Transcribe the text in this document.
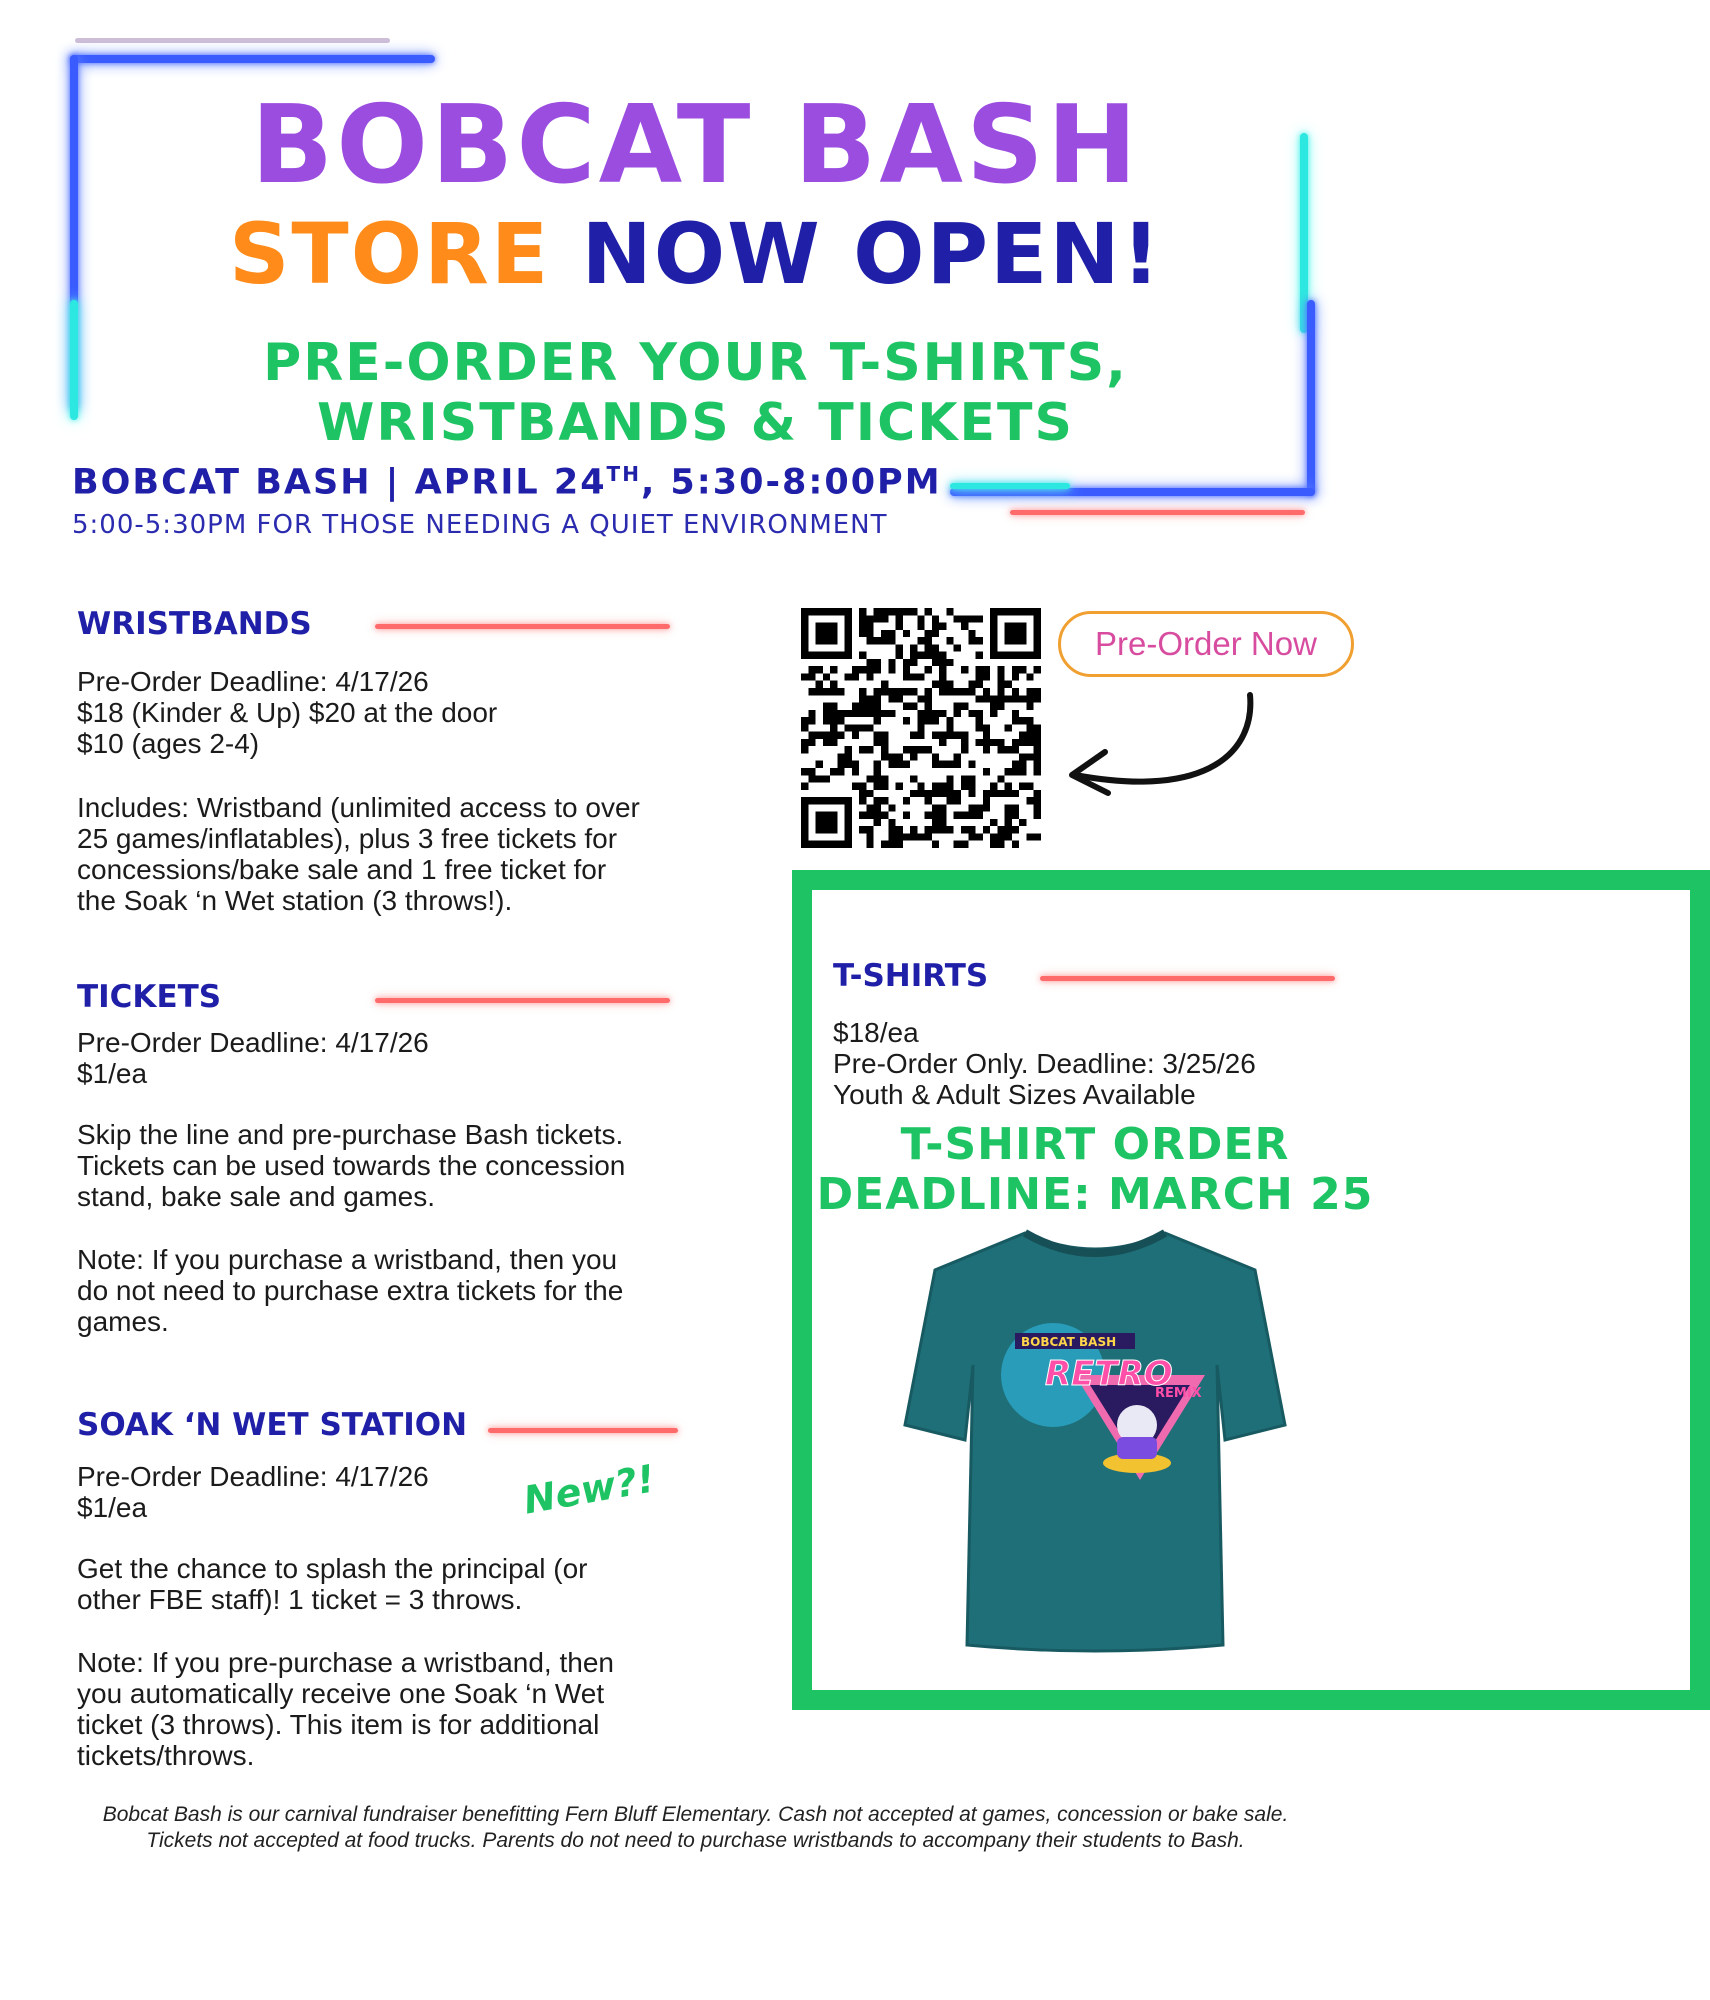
BOBCAT BASH
STORE NOW OPEN!
PRE-ORDER YOUR T-SHIRTS,
WRISTBANDS & TICKETS
BOBCAT BASH | APRIL 24TH, 5:30-8:00PM
5:00-5:30PM FOR THOSE NEEDING A QUIET ENVIRONMENT
WRISTBANDS
Pre-Order Deadline: 4/17/26
$18 (Kinder & Up) $20 at the door
$10 (ages 2-4)
Includes: Wristband (unlimited access to over
25 games/inflatables), plus 3 free tickets for
concessions/bake sale and 1 free ticket for
the Soak ‘n Wet station (3 throws!).
TICKETS
Pre-Order Deadline: 4/17/26
$1/ea
Skip the line and pre-purchase Bash tickets.
Tickets can be used towards the concession
stand, bake sale and games.
Note: If you purchase a wristband, then you
do not need to purchase extra tickets for the
games.
SOAK ‘N WET STATION
Pre-Order Deadline: 4/17/26
$1/ea	New?!
Get the chance to splash the principal (or
other FBE staff)! 1 ticket = 3 throws.
Note: If you pre-purchase a wristband, then
you automatically receive one Soak ‘n Wet
ticket (3 throws). This item is for additional
tickets/throws.
Pre-Order Now
T-SHIRTS
$18/ea
Pre-Order Only. Deadline: 3/25/26
Youth & Adult Sizes Available
T-SHIRT ORDER
DEADLINE: MARCH 25
BOBCAT BASH
RETRO
REMIX
Bobcat Bash is our carnival fundraiser benefitting Fern Bluff Elementary. Cash not accepted at games, concession or bake sale. Tickets not accepted at food trucks. Parents do not need to purchase wristbands to accompany their students to Bash.
